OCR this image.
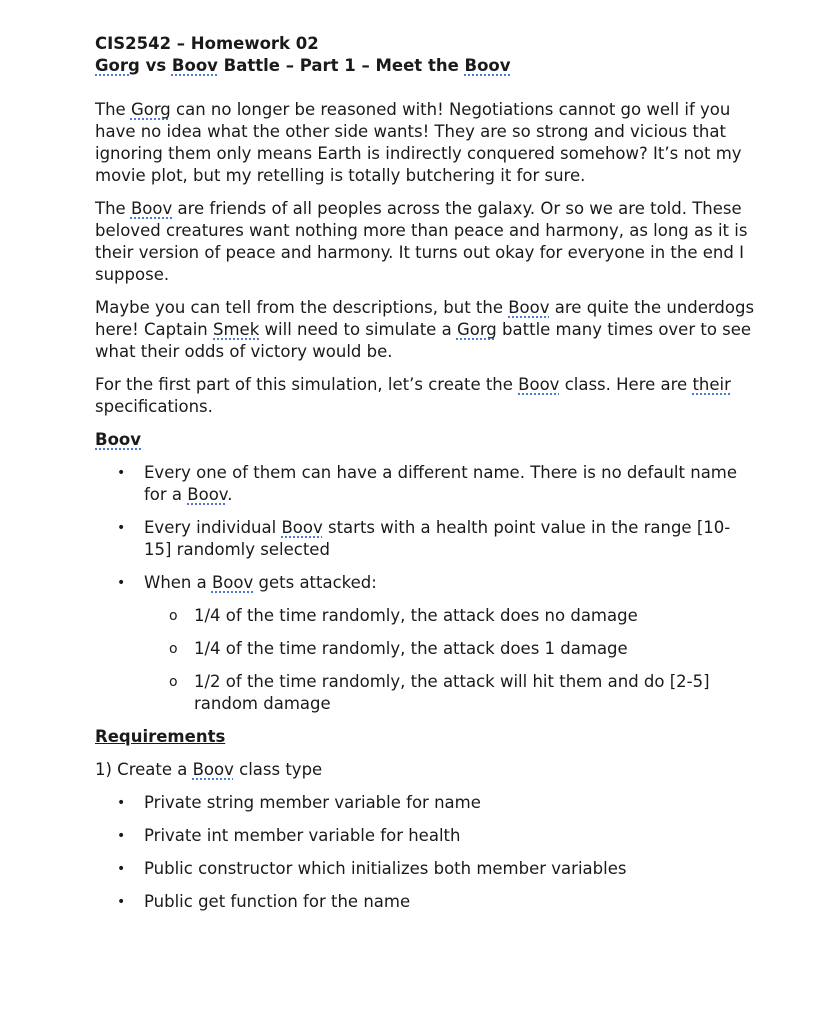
CIS2542 – Homework 02

Gorg vs Boov Battle – Part 1 – Meet the Boov

The Gorg can no longer be reasoned with! Negotiations cannot go well if you have no idea what the other side wants! They are so strong and vicious that ignoring them only means Earth is indirectly conquered somehow? It’s not my movie plot, but my retelling is totally butchering it for sure.

The Boov are friends of all peoples across the galaxy. Or so we are told. These beloved creatures want nothing more than peace and harmony, as long as it is their version of peace and harmony. It turns out okay for everyone in the end I suppose.

Maybe you can tell from the descriptions, but the Boov are quite the underdogs here! Captain Smek will need to simulate a Gorg battle many times over to see what their odds of victory would be.

For the first part of this simulation, let’s create the Boov class. Here are their specifications.

Boov

• Every one of them can have a different name. There is no default name for a Boov.
• Every individual Boov starts with a health point value in the range [10-15] randomly selected
• When a Boov gets attacked:
o 1/4 of the time randomly, the attack does no damage
o 1/4 of the time randomly, the attack does 1 damage
o 1/2 of the time randomly, the attack will hit them and do [2-5] random damage

Requirements

1) Create a Boov class type

• Private string member variable for name
• Private int member variable for health
• Public constructor which initializes both member variables
• Public get function for the name
